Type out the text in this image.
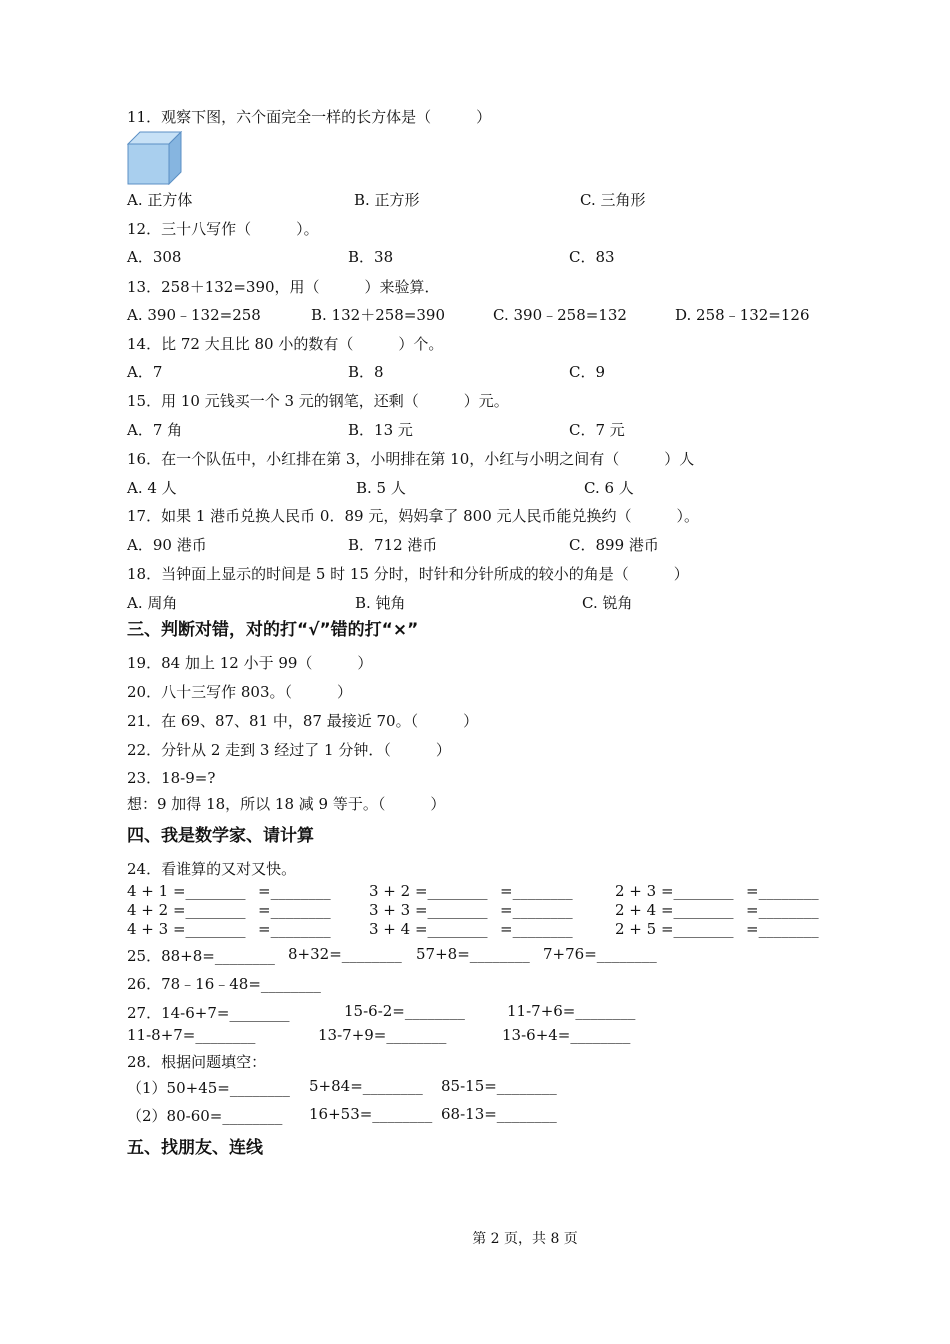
11．观察下图，六个面完全一样的长方体是（　　　）
A. 正方体	B. 正方形	C. 三角形
12．三十八写作（　　　）。
A．308	B．38	C．83
13．258＋132=390，用（　　　）来验算．
A. 390﹣132=258	B. 132＋258=390	C. 390﹣258=132	D. 258﹣132=126
14．比 72 大且比 80 小的数有（　　　）个。
A．7	B．8	C．9
15．用 10 元钱买一个 3 元的钢笔，还剩（　　　）元。
A．7 角	B．13 元	C．7 元
16．在一个队伍中，小红排在第 3，小明排在第 10，小红与小明之间有（　　　）人
A. 4 人	B. 5 人	C. 6 人
17．如果 1 港币兑换人民币 0．89 元，妈妈拿了 800 元人民币能兑换约（　　　）。
A．90 港币	B．712 港币	C．899 港币
18．当钟面上显示的时间是 5 时 15 分时，时针和分针所成的较小的角是（　　　）
A. 周角	B. 钝角	C. 锐角
三、判断对错，对的打“√”错的打“×”
19．84 加上 12 小于 99（　　　）
20．八十三写作 803。（　　　）
21．在 69、87、81 中，87 最接近 70。（　　　）
22．分针从 2 走到 3 经过了 1 分钟．（　　　）
23．18-9=?
想：9 加得 18，所以 18 减 9 等于。（　　　）
四、我是数学家、请计算
24．看谁算的又对又快。
4 + 1 =________ =________	3 + 2 =________ =________	2 + 3 =________ =________
4 + 2 =________ =________	3 + 3 =________ =________	2 + 4 =________ =________
4 + 3 =________ =________	3 + 4 =________ =________	2 + 5 =________ =________
25．88+8=________ 8+32=________ 57+8=________ 7+76=________
26．78﹣16﹣48=________
27．14-6+7=________	15-6-2=________	11-7+6=________
11-8+7=________	13-7+9=________	13-6+4=________
28．根据问题填空：
（1）50+45=________ 5+84=________ 85-15=________
（2）80-60=________ 16+53=________ 68-13=________
五、找朋友、连线
第 2 页，共 8 页
